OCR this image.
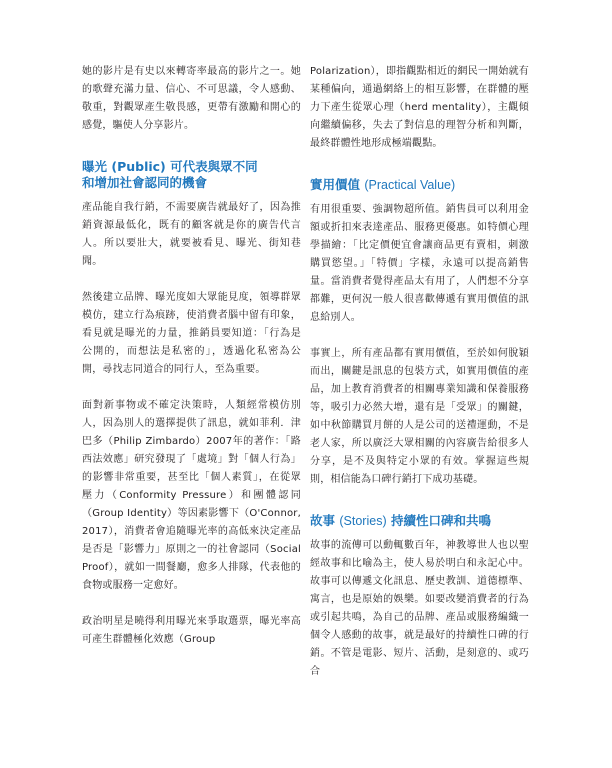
她的影片是有史以來轉寄率最高的影片之一。她的歌聲充滿力量、信心、不可思議，令人感動、敬重，對觀眾產生敬畏感，更帶有激勵和開心的感覺，驅使人分享影片。

曝光 (Public) 可代表與眾不同
和增加社會認同的機會

產品能自我行銷，不需要廣告就最好了，因為推銷資源最低化，既有的顧客就是你的廣告代言人。所以要壯大，就要被看見、曝光、街知巷聞。

然後建立品牌、曝光度如大眾能見度，領導群眾模仿，建立行為痕跡，使消費者腦中留有印象，看見就是曝光的力量，推銷員要知道：「行為是公開的，而想法是私密的」，透過化私密為公開，尋找志同道合的同行人，至為重要。

面對新事物或不確定決策時，人類經常模仿別人，因為別人的選擇提供了訊息，就如菲利．津巴多（Philip Zimbardo）2007年的著作：「路西法效應」研究發現了「處境」對「個人行為」的影響非常重要，甚至比「個人素質」，在從眾壓力（Conformity Pressure）和團體認同（Group Identity）等因素影響下（O'Connor, 2017），消費者會追隨曝光率的高低來決定產品是否是「影響力」原則之一的社會認同（Social Proof），就如一間餐廳，愈多人排隊，代表他的食物或服務一定愈好。

政治明星是曉得利用曝光來爭取選票，曝光率高可產生群體極化效應（Group

Polarization），即指觀點相近的網民一開始就有某種偏向，通過網絡上的相互影響，在群體的壓力下產生從眾心理（herd mentality），主觀傾向繼續偏移，失去了對信息的理智分析和判斷，最終群體性地形成極端觀點。

實用價值 (Practical Value)

有用很重要、強調物超所值。銷售員可以利用金額或折扣來表達產品、服務更優惠。如特價心理學描繪：「比定價便宜會讓商品更有賣相，刺激購買慾望。」「特價」字樣，永遠可以提高銷售量。當消費者覺得產品太有用了，人們想不分享都難，更何況一般人很喜歡傳遞有實用價值的訊息給別人。

事實上，所有產品都有實用價值，至於如何脫穎而出，關鍵是訊息的包裝方式，如實用價值的產品，加上教育消費者的相關專業知識和保養服務等，吸引力必然大增，還有是「受眾」的關鍵，如中秋節購買月餅的人是公司的送禮運動，不是老人家，所以廣泛大眾相關的內容廣告給很多人分享，是不及與特定小眾的有效。掌握這些規則，相信能為口碑行銷打下成功基礎。

故事 (Stories) 持續性口碑和共鳴

故事的流傳可以動輒數百年，神教導世人也以聖經故事和比喻為主，使人易於明白和永記心中。故事可以傳遞文化訊息、歷史教訓、道德標準、寓言，也是原始的娛樂。如要改變消費者的行為或引起共鳴，為自己的品牌、產品或服務編織一個令人感動的故事，就是最好的持續性口碑的行銷。不管是電影、短片、活動，是刻意的、或巧合
